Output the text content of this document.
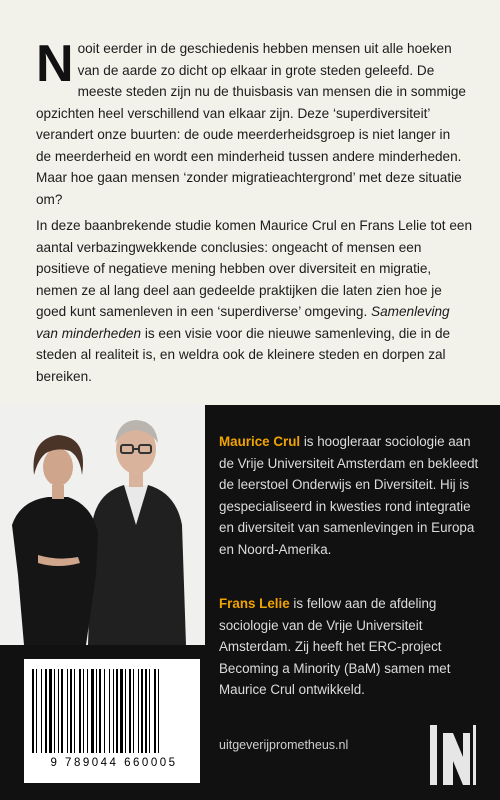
Nooit eerder in de geschiedenis hebben mensen uit alle hoeken van de aarde zo dicht op elkaar in grote steden geleefd. De meeste steden zijn nu de thuisbasis van mensen die in sommige opzichten heel verschillend van elkaar zijn. Deze ‘superdiversiteit’ verandert onze buurten: de oude meerderheidsgroep is niet langer in de meerderheid en wordt een minderheid tussen andere minderheden. Maar hoe gaan mensen ‘zonder migratieachtergrond’ met deze situatie om?

In deze baanbrekende studie komen Maurice Crul en Frans Lelie tot een aantal verbazingwekkende conclusies: ongeacht of mensen een positieve of negatieve mening hebben over diversiteit en migratie, nemen ze al lang deel aan gedeelde praktijken die laten zien hoe je goed kunt samenleven in een ‘superdiverse’ omgeving. Samenleving van minderheden is een visie voor die nieuwe samenleving, die in de steden al realiteit is, en weldra ook de kleinere steden en dorpen zal bereiken.

Maurice Crul is hoogleraar sociologie aan de Vrije Universiteit Amsterdam en bekleedt de leerstoel Onderwijs en Diversiteit. Hij is gespecialiseerd in kwesties rond integratie en diversiteit van samenlevingen in Europa en Noord-Amerika.

Frans Lelie is fellow aan de afdeling sociologie van de Vrije Universiteit Amsterdam. Zij heeft het ERC-project Becoming a Minority (BaM) samen met Maurice Crul ontwikkeld.

9 789044 660005

uitgeverijprometheus.nl
